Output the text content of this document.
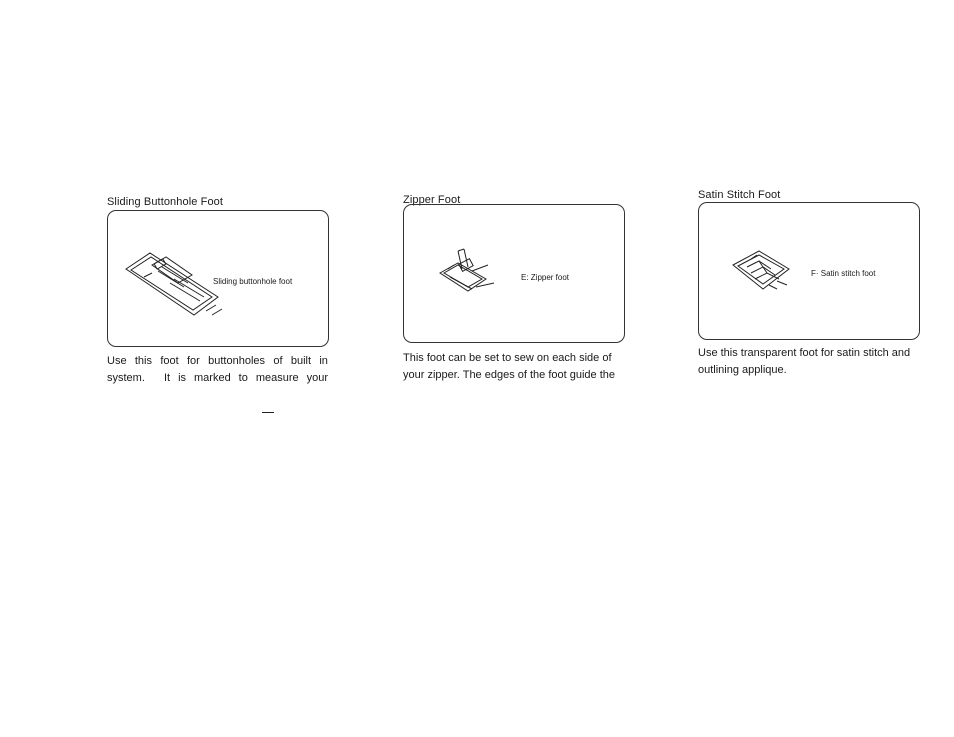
Sliding Buttonhole Foot
Sliding buttonhole foot
Use this foot for buttonholes of built in
system. It is marked to measure your
Zipper Foot
E: Zipper foot
This foot can be set to sew on each side of
your zipper. The edges of the foot guide the
Satin Stitch Foot
F· Satin stitch foot
Use this transparent foot for satin stitch and
outlining applique.
